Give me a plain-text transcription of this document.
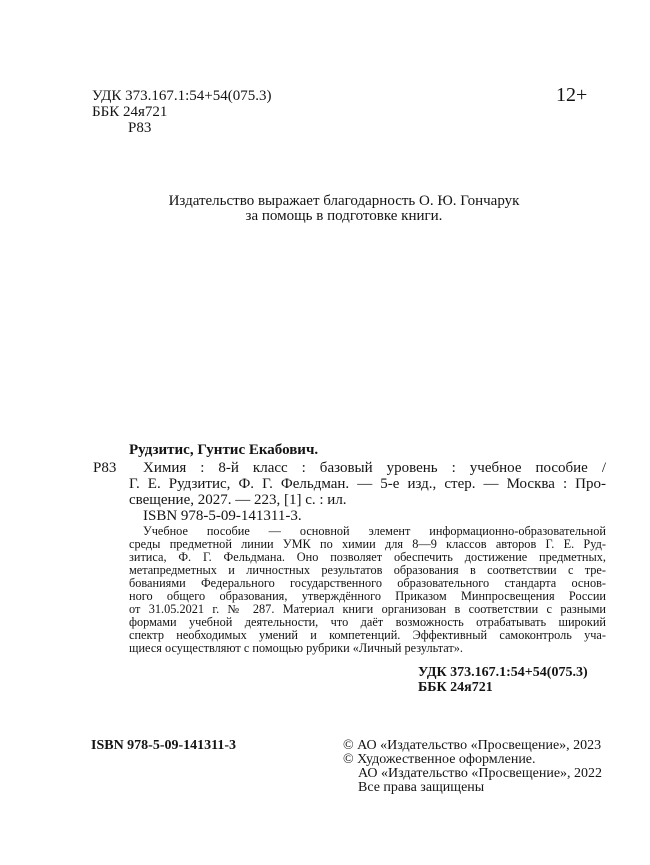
УДК 373.167.1:54+54(075.3)
ББК 24я721
Р83
12+
Издательство выражает благодарность О. Ю. Гончарук
за помощь в подготовке книги.
Рудзитис, Гунтис Екабович.
Р83 Химия : 8-й класс : базовый уровень : учебное пособие /
Г. Е. Рудзитис, Ф. Г. Фельдман. — 5-е изд., стер. — Москва : Про-
свещение, 2027. — 223, [1] с. : ил.
ISBN 978-5-09-141311-3.
Учебное пособие — основной элемент информационно-образовательной
среды предметной линии УМК по химии для 8—9 классов авторов Г. Е. Руд-
зитиса, Ф. Г. Фельдмана. Оно позволяет обеспечить достижение предметных,
метапредметных и личностных результатов образования в соответствии с тре-
бованиями Федерального государственного образовательного стандарта основ-
ного общего образования, утверждённого Приказом Минпросвещения России
от 31.05.2021 г. № 287. Материал книги организован в соответствии с разными
формами учебной деятельности, что даёт возможность отрабатывать широкий
спектр необходимых умений и компетенций. Эффективный самоконтроль уча-
щиеся осуществляют с помощью рубрики «Личный результат».
УДК 373.167.1:54+54(075.3)
ББК 24я721
ISBN 978-5-09-141311-3	© АО «Издательство «Просвещение», 2023
© Художественное оформление.
АО «Издательство «Просвещение», 2022
Все права защищены
